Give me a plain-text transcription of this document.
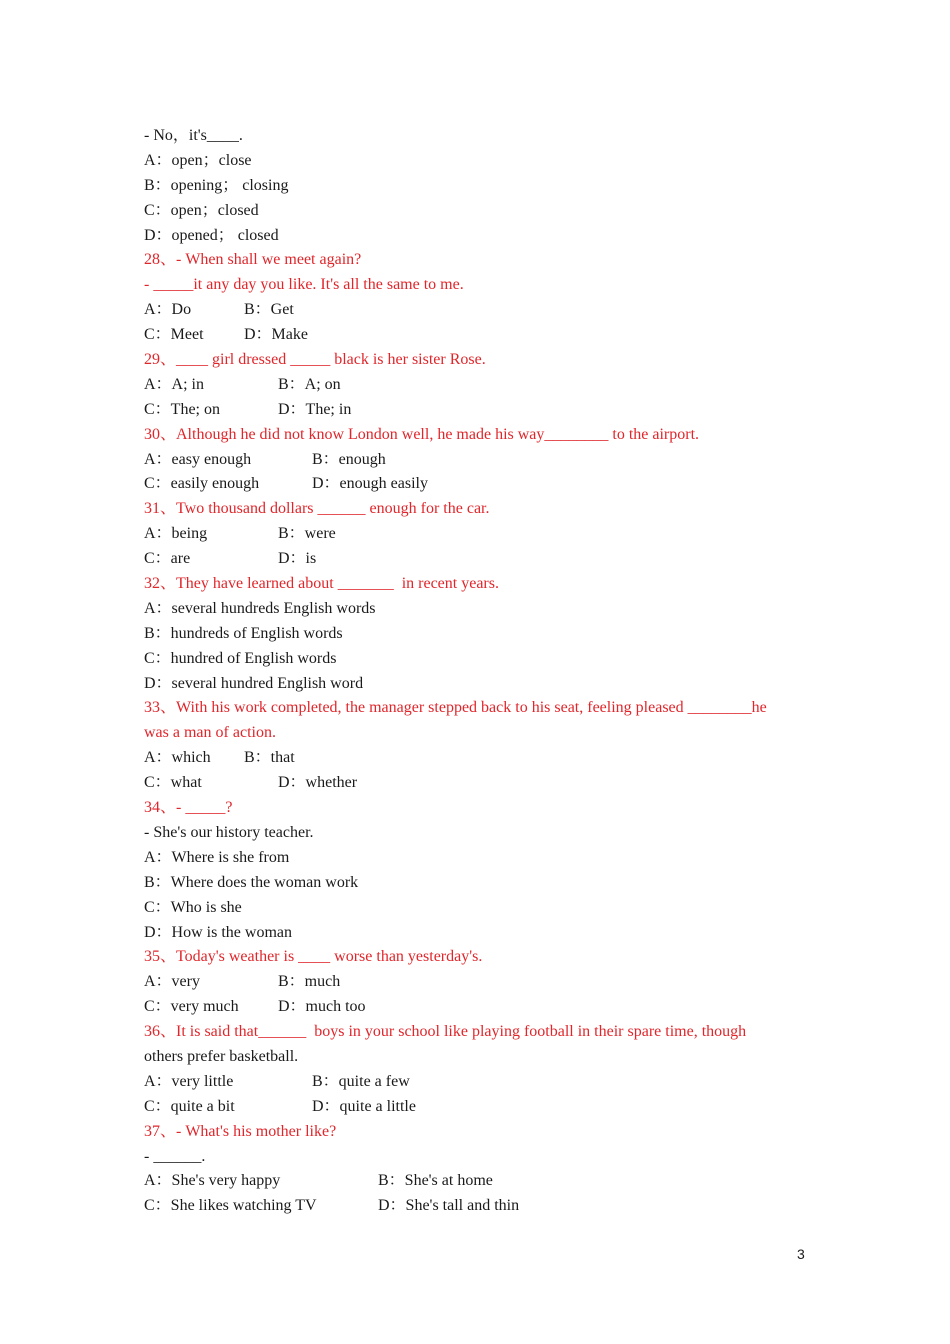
- No，it's____.
A：open；close
B：opening； closing
C：open；closed
D：opened； closed
28、- When shall we meet again?
- _____it any day you like. It's all the same to me.
A：Do	B：Get
C：Meet	D：Make
29、____ girl dressed _____ black is her sister Rose.
A：A; in	B：A; on
C：The; on	D：The; in
30、Although he did not know London well, he made his way________ to the airport.
A：easy enough	B：enough
C：easily enough	D：enough easily
31、Two thousand dollars ______ enough for the car.
A：being	B：were
C：are	D：is
32、They have learned about _______  in recent years.
A：several hundreds English words
B：hundreds of English words
C：hundred of English words
D：several hundred English word
33、With his work completed, the manager stepped back to his seat, feeling pleased ________he
was a man of action.
A：which	B：that
C：what	D：whether
34、- _____?
- She's our history teacher.
A：Where is she from
B：Where does the woman work
C：Who is she
D：How is the woman
35、Today's weather is ____ worse than yesterday's.
A：very	B：much
C：very much	D：much too
36、It is said that______  boys in your school like playing football in their spare time, though
others prefer basketball.
A：very little	B：quite a few
C：quite a bit	D：quite a little
37、- What's his mother like?
- ______.
A：She's very happy	B：She's at home
C：She likes watching TV	D：She's tall and thin
3
